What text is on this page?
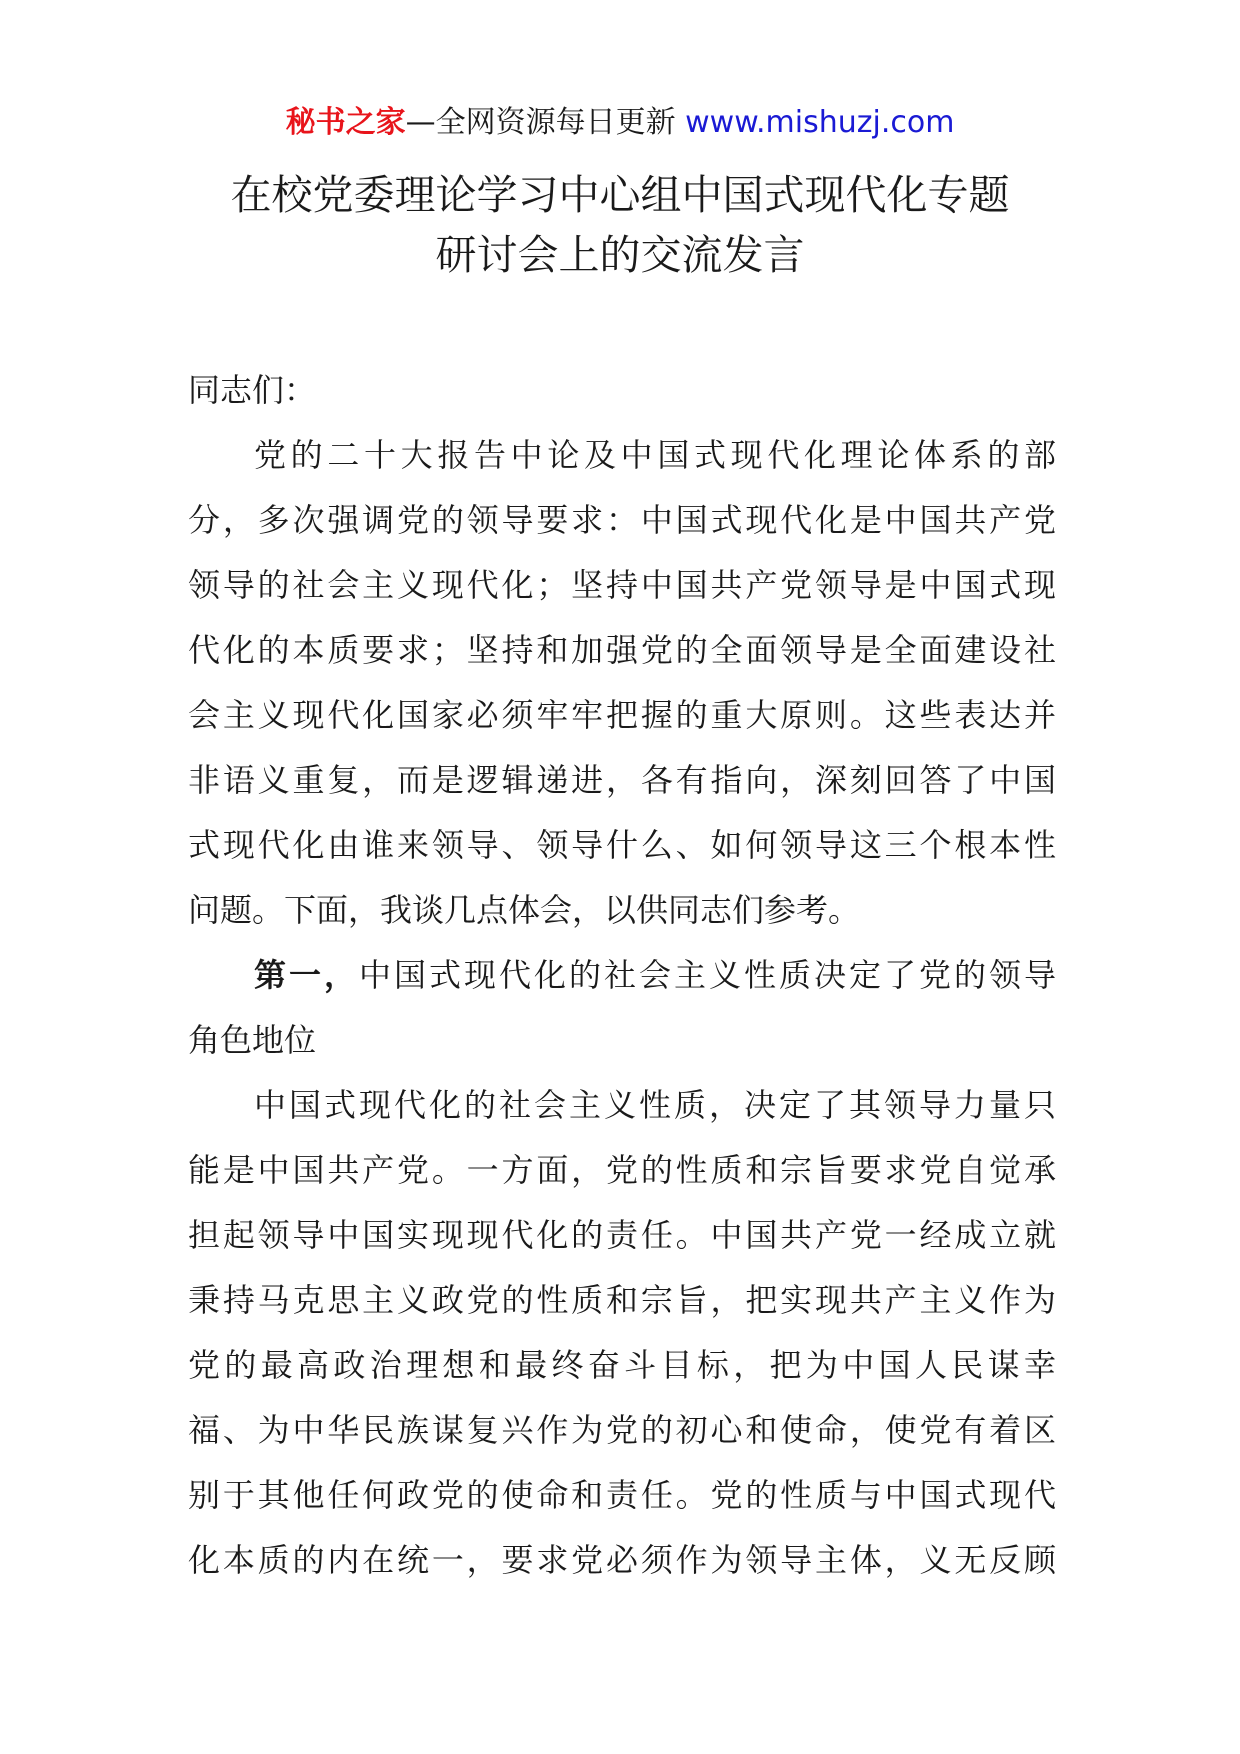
秘书之家—全网资源每日更新 www.mishuzj.com
在校党委理论学习中心组中国式现代化专题
研讨会上的交流发言
同志们：
党的二十大报告中论及中国式现代化理论体系的部
分，多次强调党的领导要求：中国式现代化是中国共产党
领导的社会主义现代化；坚持中国共产党领导是中国式现
代化的本质要求；坚持和加强党的全面领导是全面建设社
会主义现代化国家必须牢牢把握的重大原则。这些表达并
非语义重复，而是逻辑递进，各有指向，深刻回答了中国
式现代化由谁来领导、领导什么、如何领导这三个根本性
问题。下面，我谈几点体会，以供同志们参考。
第一，中国式现代化的社会主义性质决定了党的领导
角色地位
中国式现代化的社会主义性质，决定了其领导力量只
能是中国共产党。一方面，党的性质和宗旨要求党自觉承
担起领导中国实现现代化的责任。中国共产党一经成立就
秉持马克思主义政党的性质和宗旨，把实现共产主义作为
党的最高政治理想和最终奋斗目标，把为中国人民谋幸
福、为中华民族谋复兴作为党的初心和使命，使党有着区
别于其他任何政党的使命和责任。党的性质与中国式现代
化本质的内在统一，要求党必须作为领导主体，义无反顾
